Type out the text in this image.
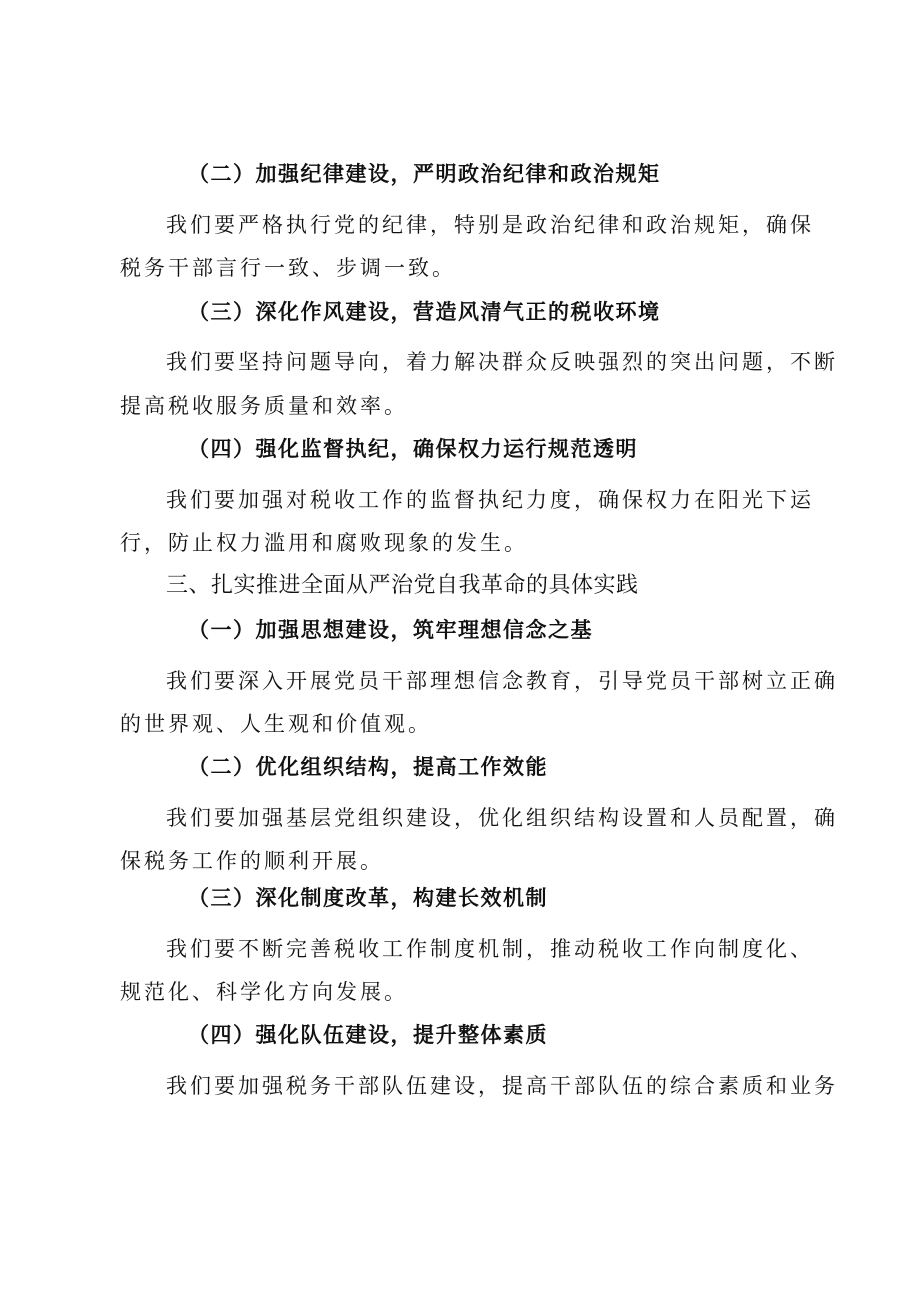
（二）加强纪律建设，严明政治纪律和政治规矩
我们要严格执行党的纪律，特别是政治纪律和政治规矩，确保
税务干部言行一致、步调一致。
（三）深化作风建设，营造风清气正的税收环境
我们要坚持问题导向，着力解决群众反映强烈的突出问题，不断
提高税收服务质量和效率。
（四）强化监督执纪，确保权力运行规范透明
我们要加强对税收工作的监督执纪力度，确保权力在阳光下运
行，防止权力滥用和腐败现象的发生。
三、扎实推进全面从严治党自我革命的具体实践
（一）加强思想建设，筑牢理想信念之基
我们要深入开展党员干部理想信念教育，引导党员干部树立正确
的世界观、人生观和价值观。
（二）优化组织结构，提高工作效能
我们要加强基层党组织建设，优化组织结构设置和人员配置，确
保税务工作的顺利开展。
（三）深化制度改革，构建长效机制
我们要不断完善税收工作制度机制，推动税收工作向制度化、
规范化、科学化方向发展。
（四）强化队伍建设，提升整体素质
我们要加强税务干部队伍建设，提高干部队伍的综合素质和业务
